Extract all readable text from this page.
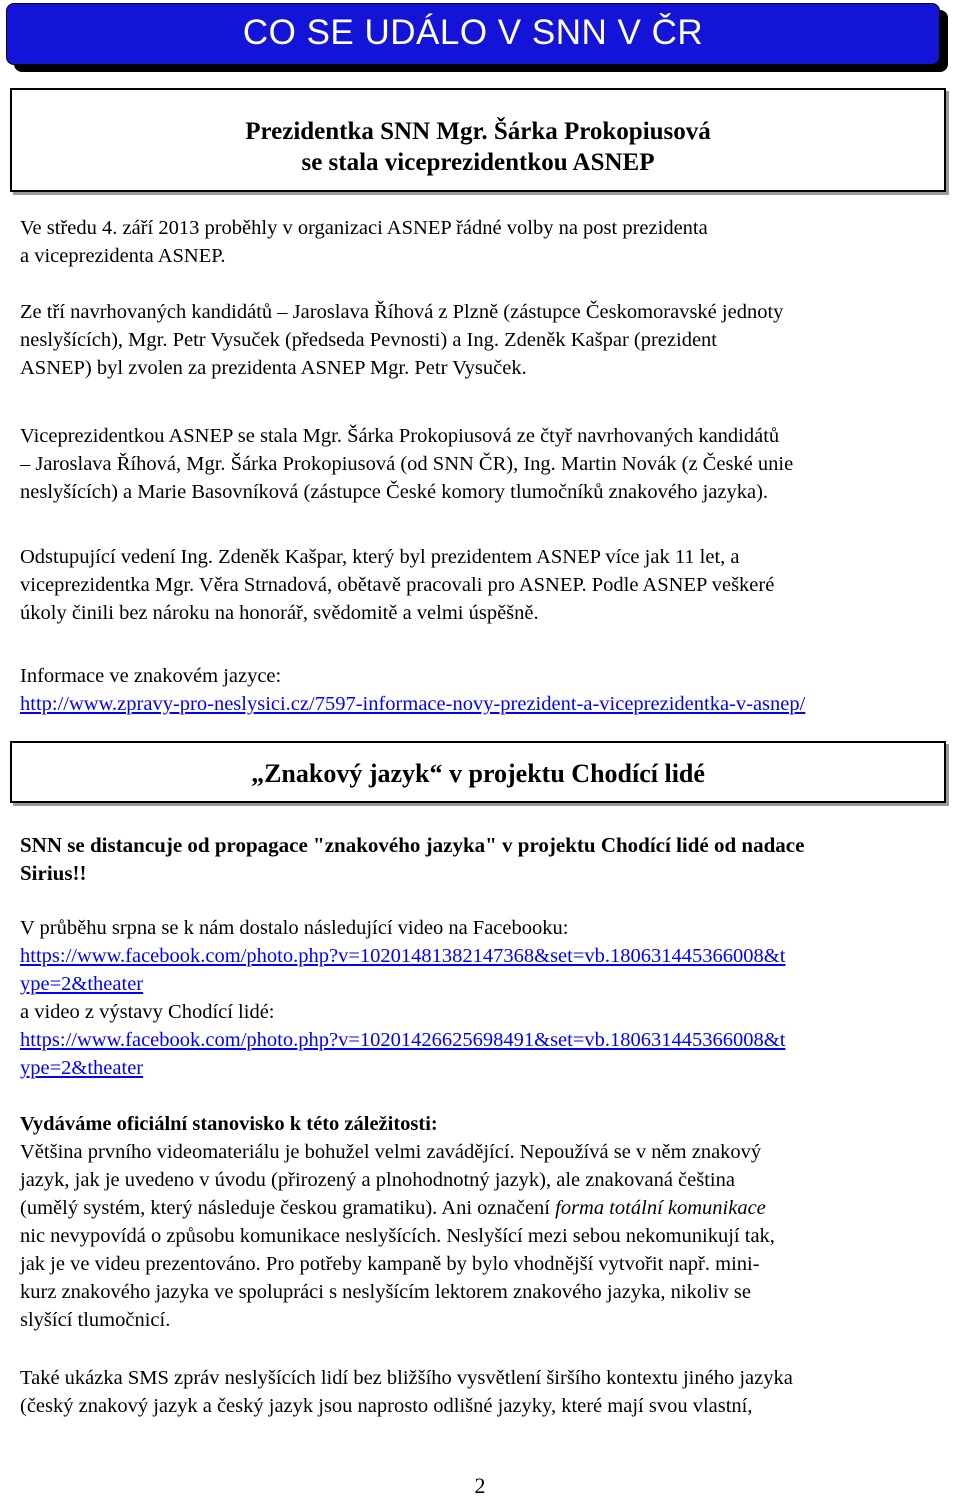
CO SE UDÁLO V SNN V ČR
Prezidentka SNN Mgr. Šárka Prokopiusová
se stala viceprezidentkou ASNEP
Ve středu 4. září 2013 proběhly v organizaci ASNEP řádné volby na post prezidenta
a viceprezidenta ASNEP.
Ze tří navrhovaných kandidátů – Jaroslava Říhová z Plzně (zástupce Českomoravské jednoty
neslyšících), Mgr. Petr Vysuček (předseda Pevnosti) a Ing. Zdeněk Kašpar (prezident
ASNEP) byl zvolen za prezidenta ASNEP Mgr. Petr Vysuček.
Viceprezidentkou ASNEP se stala Mgr. Šárka Prokopiusová ze čtyř navrhovaných kandidátů
– Jaroslava Říhová, Mgr. Šárka Prokopiusová (od SNN ČR), Ing. Martin Novák (z České unie
neslyšících) a Marie Basovníková (zástupce České komory tlumočníků znakového jazyka).
Odstupující vedení Ing. Zdeněk Kašpar, který byl prezidentem ASNEP více jak 11 let, a
viceprezidentka Mgr. Věra Strnadová, obětavě pracovali pro ASNEP. Podle ASNEP veškeré
úkoly činili bez nároku na honorář, svědomitě a velmi úspěšně.
Informace ve znakovém jazyce:
http://www.zpravy-pro-neslysici.cz/7597-informace-novy-prezident-a-viceprezidentka-v-asnep/
„Znakový jazyk“ v projektu Chodící lidé
SNN se distancuje od propagace "znakového jazyka" v projektu Chodící lidé od nadace
Sirius!!
V průběhu srpna se k nám dostalo následující video na Facebooku:
https://www.facebook.com/photo.php?v=10201481382147368&set=vb.180631445366008&t
ype=2&theater
a video z výstavy Chodící lidé:
https://www.facebook.com/photo.php?v=10201426625698491&set=vb.180631445366008&t
ype=2&theater
Vydáváme oficiální stanovisko k této záležitosti:
Většina prvního videomateriálu je bohužel velmi zavádějící. Nepoužívá se v něm znakový
jazyk, jak je uvedeno v úvodu (přirozený a plnohodnotný jazyk), ale znakovaná čeština
(umělý systém, který následuje českou gramatiku). Ani označení forma totální komunikace
nic nevypovídá o způsobu komunikace neslyšících. Neslyšící mezi sebou nekomunikují tak,
jak je ve videu prezentováno. Pro potřeby kampaně by bylo vhodnější vytvořit např. mini-
kurz znakového jazyka ve spolupráci s neslyšícím lektorem znakového jazyka, nikoliv se
slyšící tlumočnicí.
Také ukázka SMS zpráv neslyšících lidí bez bližšího vysvětlení širšího kontextu jiného jazyka
(český znakový jazyk a český jazyk jsou naprosto odlišné jazyky, které mají svou vlastní,
2
